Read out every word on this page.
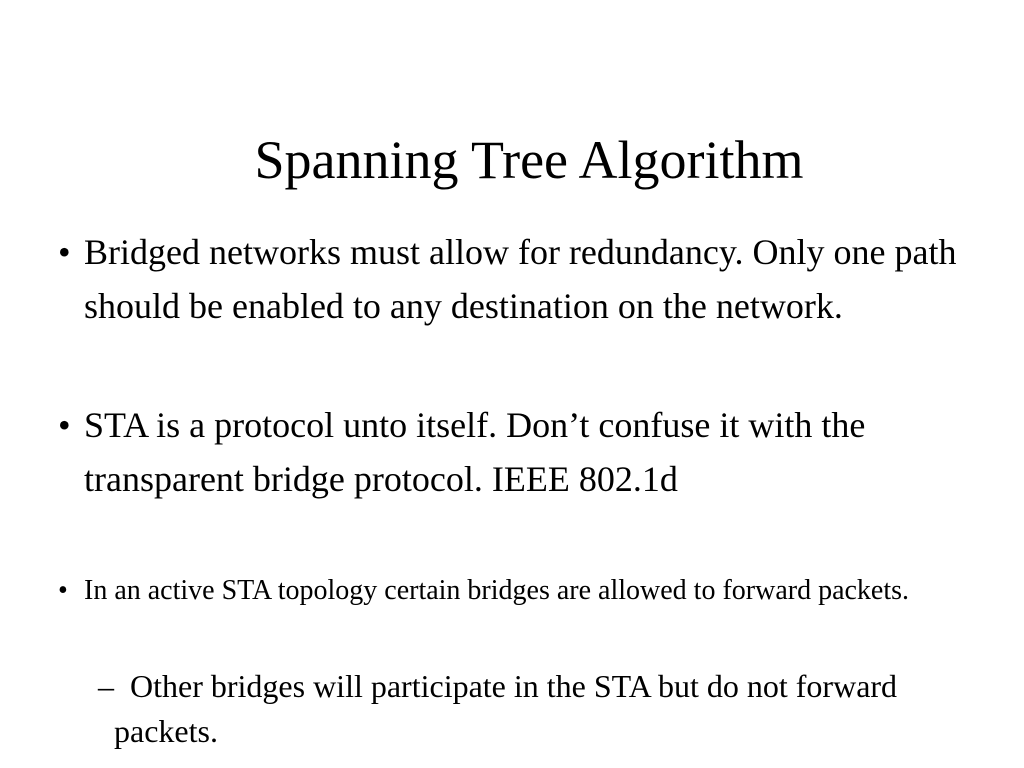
Spanning Tree Algorithm
• Bridged networks must allow for redundancy. Only one path should be enabled to any destination on the network.
• STA is a protocol unto itself. Don’t confuse it with the transparent bridge protocol. IEEE 802.1d
• In an active STA topology certain bridges are allowed to forward packets.
– Other bridges will participate in the STA but do not forward packets.
